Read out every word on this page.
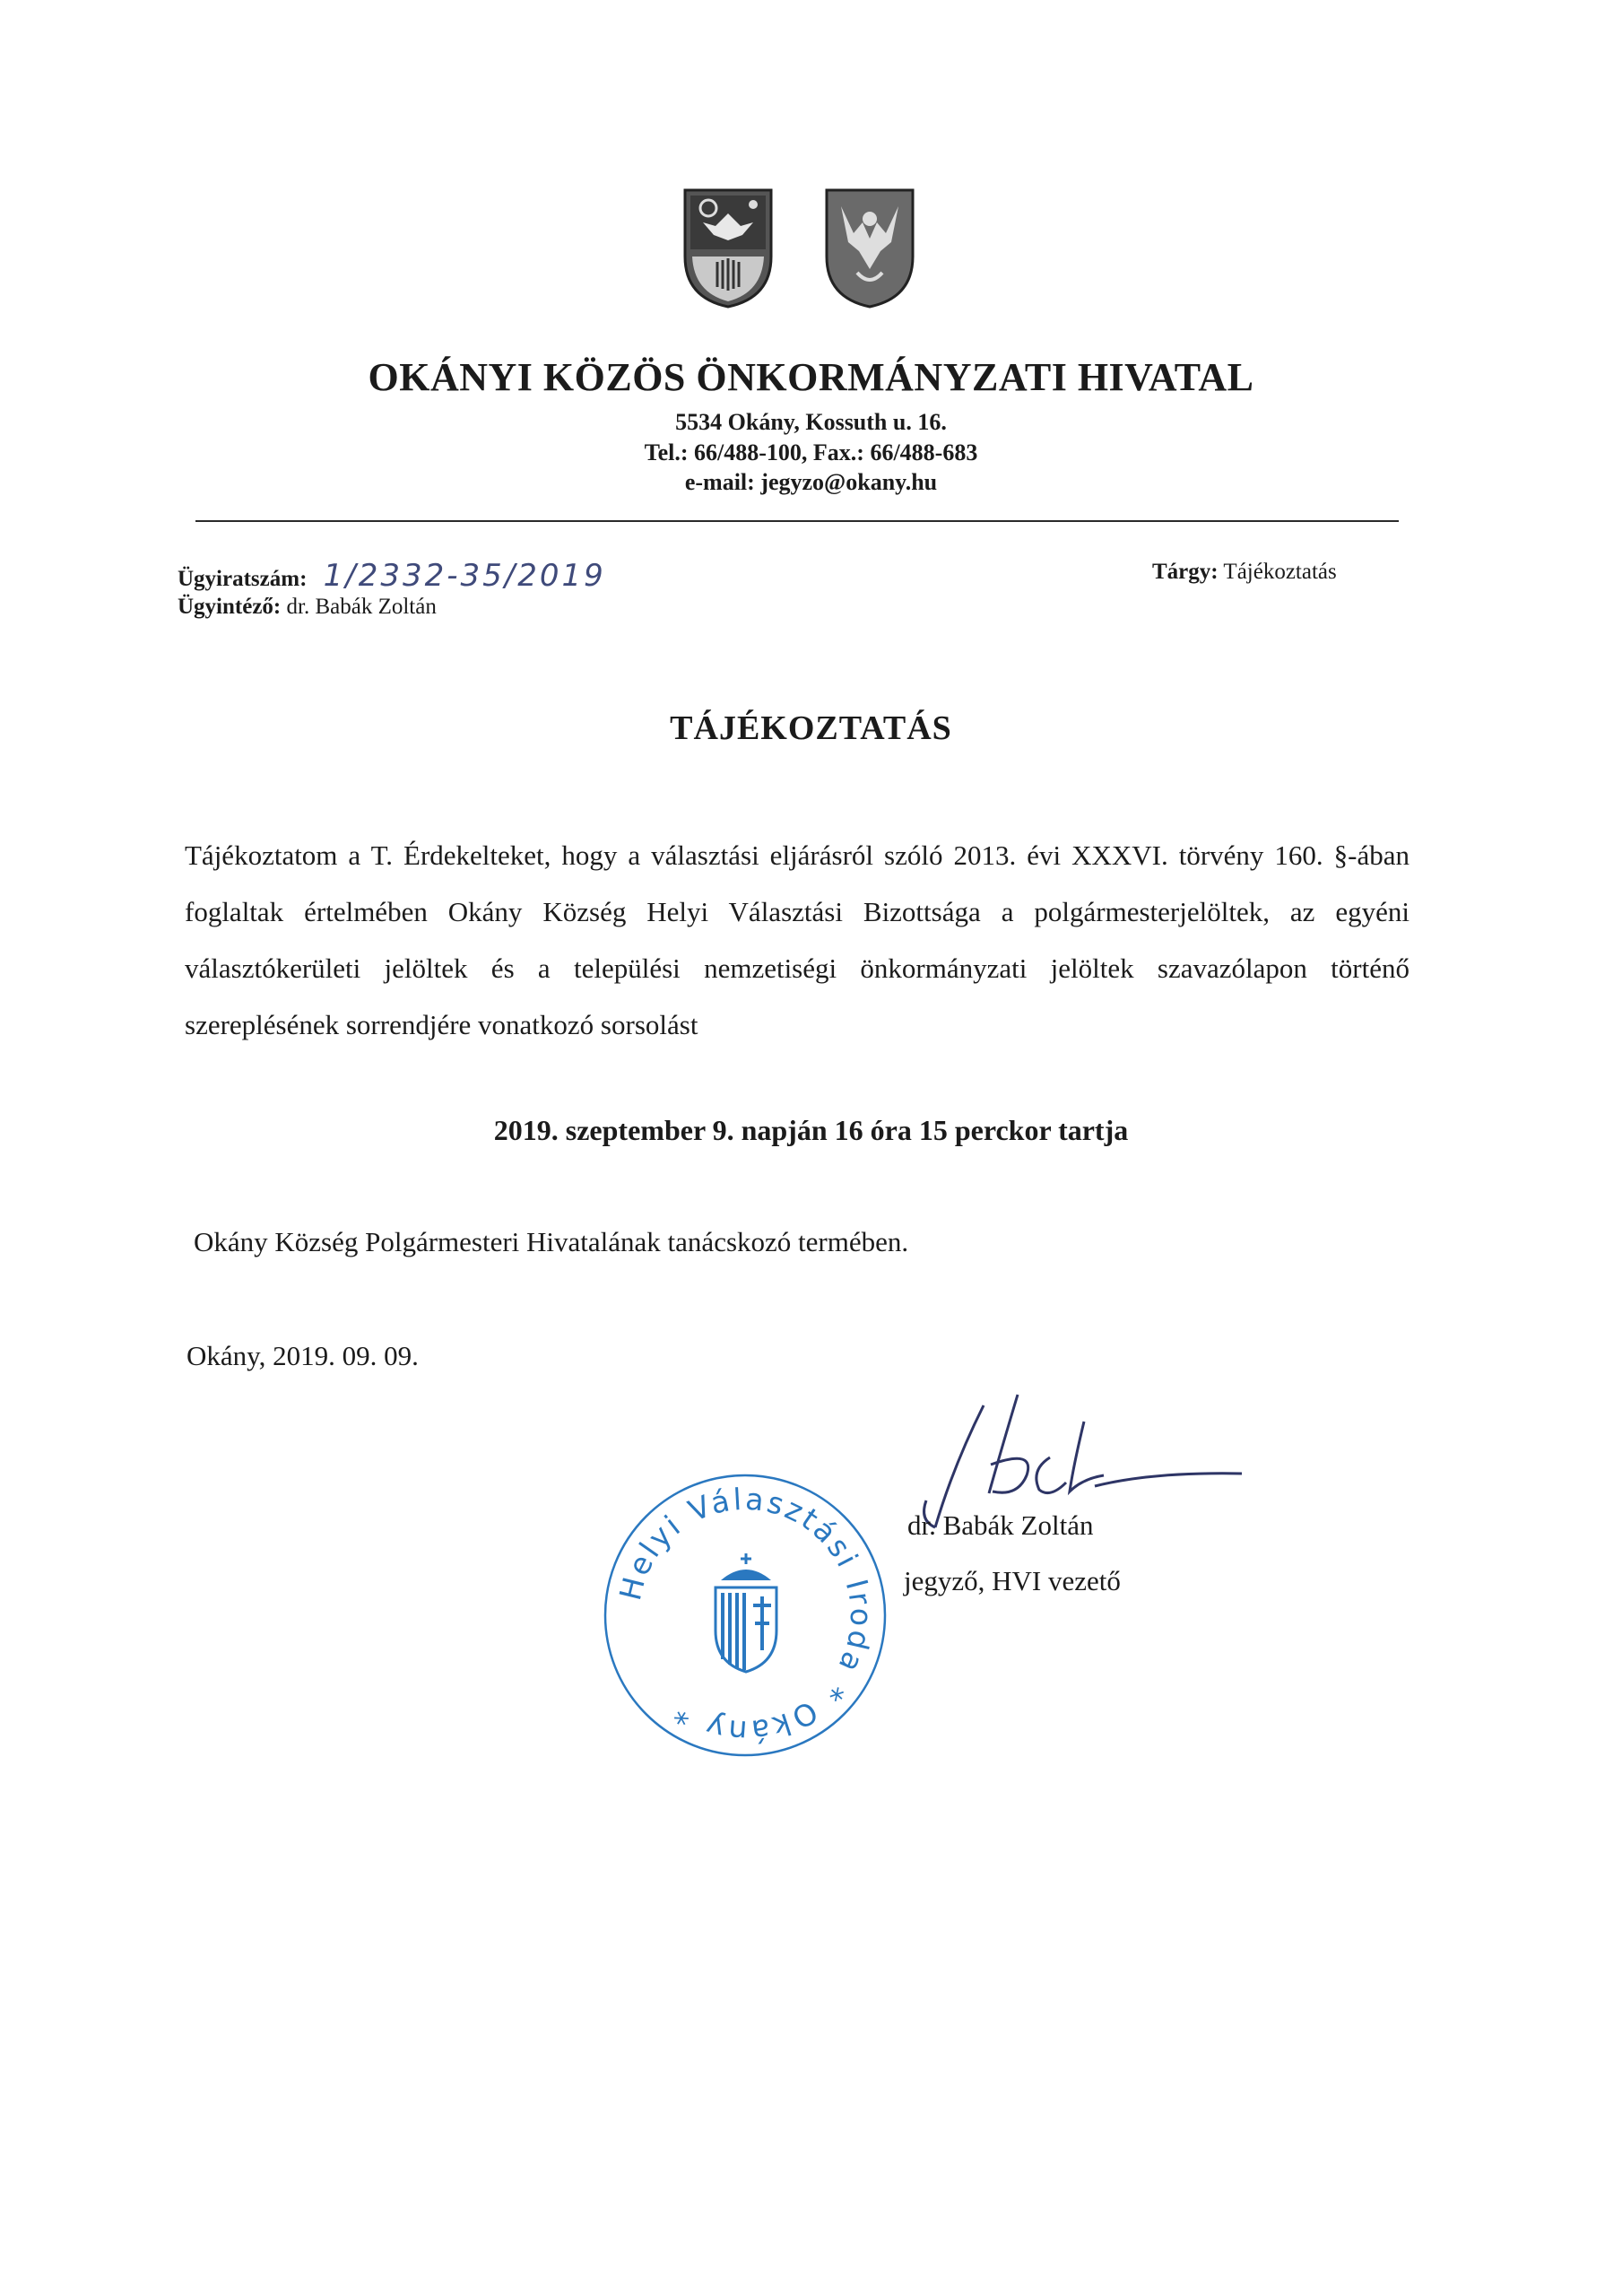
OKÁNYI KÖZÖS ÖNKORMÁNYZATI HIVATAL
5534 Okány, Kossuth u. 16.
Tel.: 66/488-100, Fax.: 66/488-683
e-mail: jegyzo@okany.hu
Ügyiratszám: 1/2332-35/2019
Ügyintéző: dr. Babák Zoltán
Tárgy: Tájékoztatás
TÁJÉKOZTATÁS
Tájékoztatom a T. Érdekelteket, hogy a választási eljárásról szóló 2013. évi XXXVI. törvény 160. §-ában foglaltak értelmében Okány Község Helyi Választási Bizottsága a polgármesterjelöltek, az egyéni választókerületi jelöltek és a települési nemzetiségi önkormányzati jelöltek szavazólapon történő szereplésének sorrendjére vonatkozó sorsolást
2019. szeptember 9. napján 16 óra 15 perckor tartja
Okány Község Polgármesteri Hivatalának tanácskozó termében.
Okány, 2019. 09. 09.
Helyi Választási Iroda * Okány *
dr. Babák Zoltán
jegyző, HVI vezető
